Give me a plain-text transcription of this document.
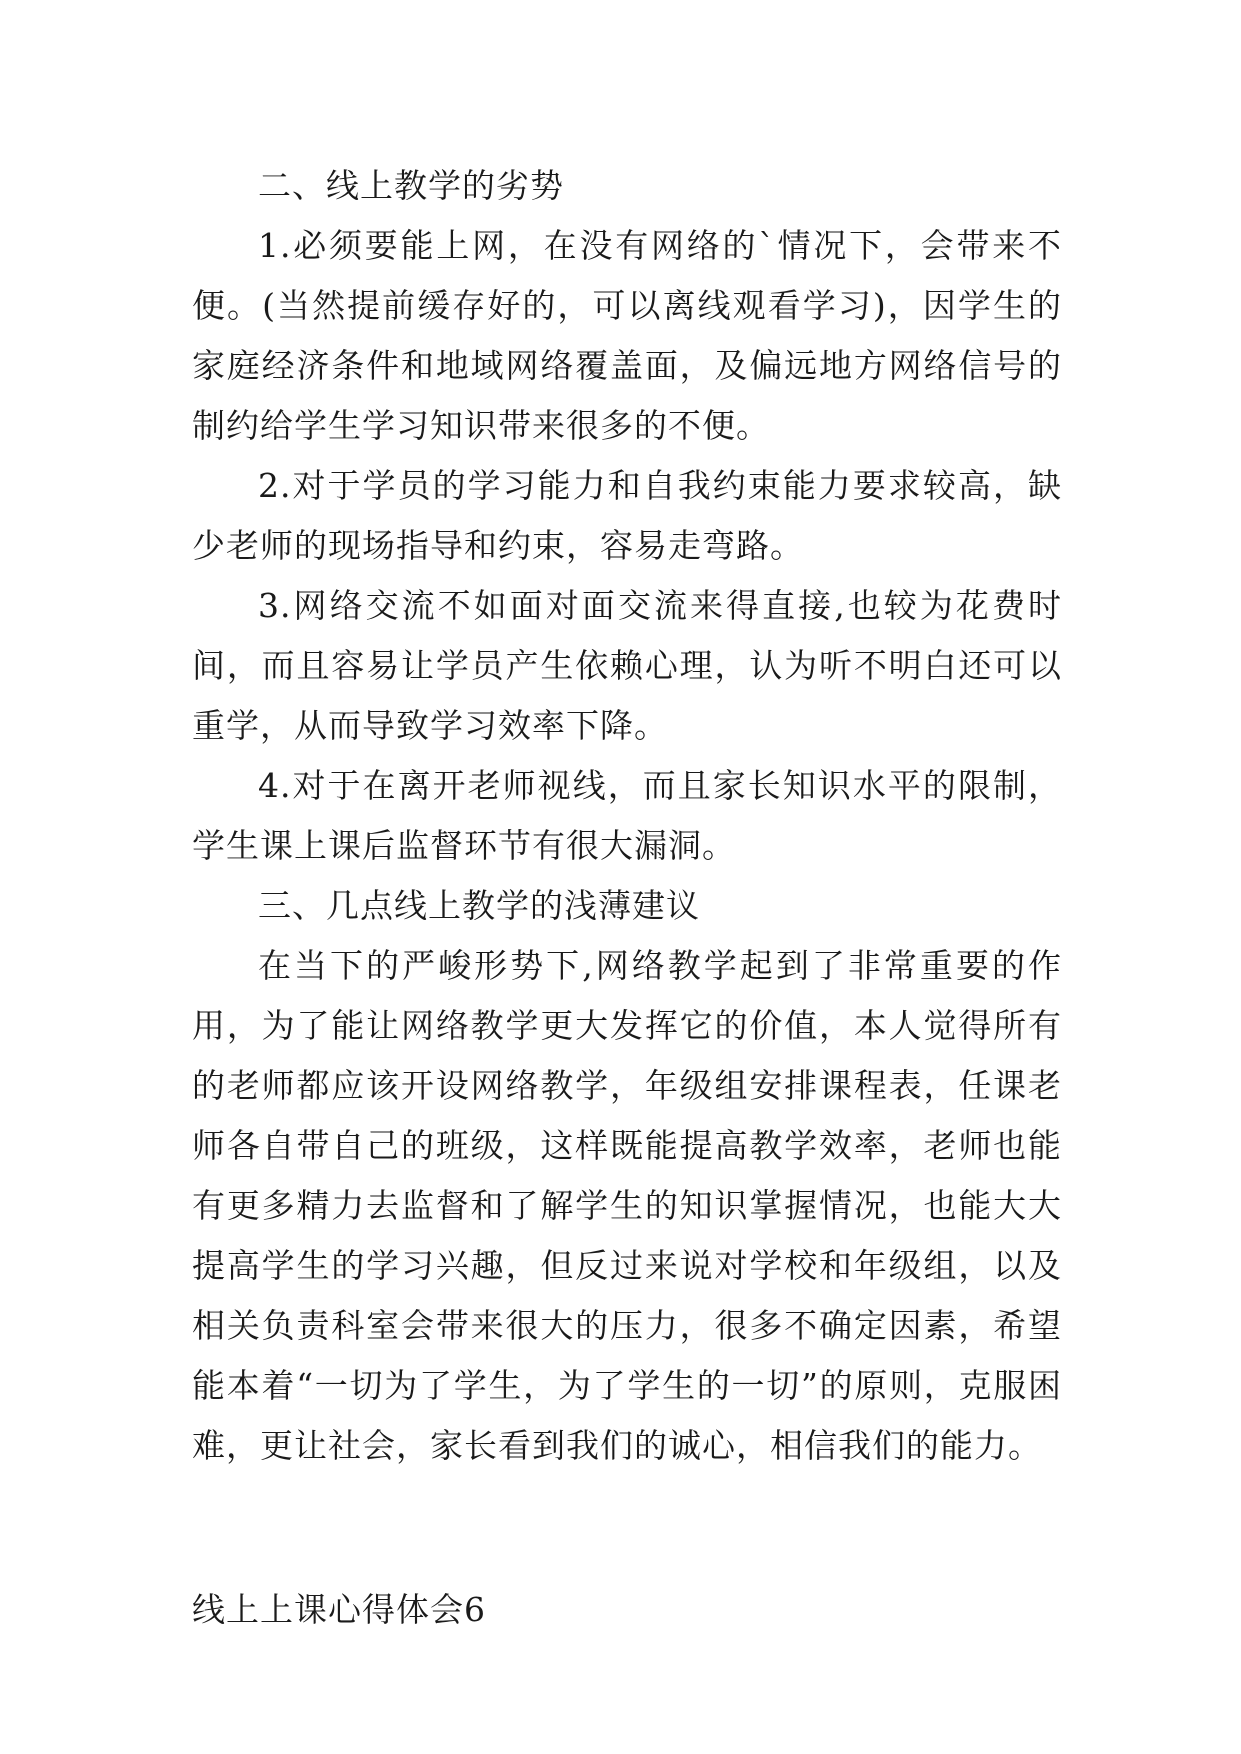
二、线上教学的劣势

1.必须要能上网，在没有网络的`情况下，会带来不便。(当然提前缓存好的，可以离线观看学习)，因学生的家庭经济条件和地域网络覆盖面，及偏远地方网络信号的制约给学生学习知识带来很多的不便。

2.对于学员的学习能力和自我约束能力要求较高，缺少老师的现场指导和约束，容易走弯路。

3.网络交流不如面对面交流来得直接,也较为花费时间，而且容易让学员产生依赖心理，认为听不明白还可以重学，从而导致学习效率下降。

4.对于在离开老师视线，而且家长知识水平的限制，学生课上课后监督环节有很大漏洞。

三、几点线上教学的浅薄建议

在当下的严峻形势下,网络教学起到了非常重要的作用，为了能让网络教学更大发挥它的价值，本人觉得所有的老师都应该开设网络教学，年级组安排课程表，任课老师各自带自己的班级，这样既能提高教学效率，老师也能有更多精力去监督和了解学生的知识掌握情况，也能大大提高学生的学习兴趣，但反过来说对学校和年级组，以及相关负责科室会带来很大的压力，很多不确定因素，希望能本着“一切为了学生，为了学生的一切”的原则，克服困难，更让社会，家长看到我们的诚心，相信我们的能力。

线上上课心得体会6
